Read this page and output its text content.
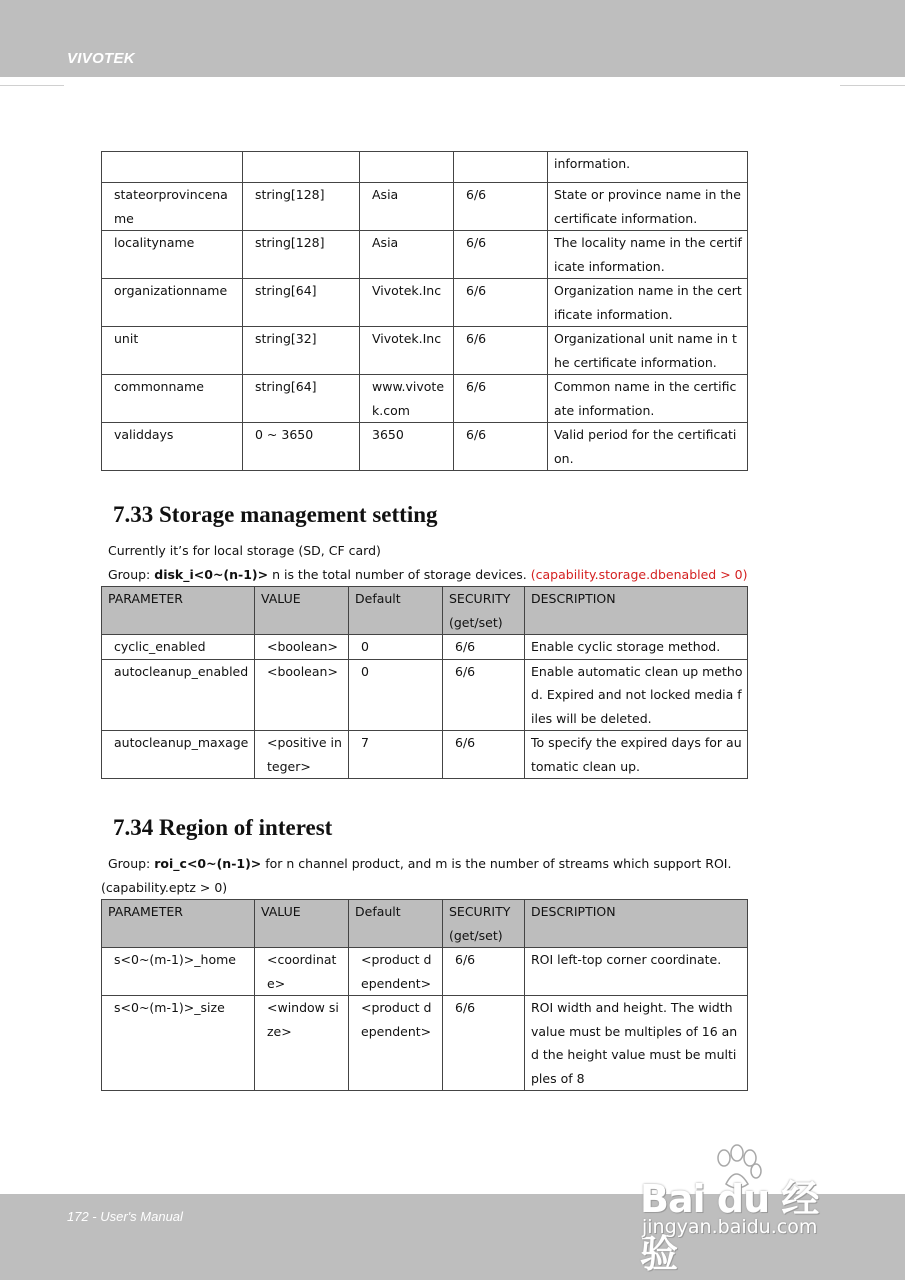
VIVOTEK
				information.
stateorprovincename	string[128]	Asia	6/6	State or province name in the certificate information.
localityname	string[128]	Asia	6/6	The locality name in the certificate information.
organizationname	string[64]	Vivotek.Inc	6/6	Organization name in the certificate information.
unit	string[32]	Vivotek.Inc	6/6	Organizational unit name in the certificate information.
commonname	string[64]	www.vivotek.com	6/6	Common name in the certificate information.
validdays	0 ~ 3650	3650	6/6	Valid period for the certification.
7.33 Storage management setting
Currently it’s for local storage (SD, CF card)
Group: disk_i<0~(n-1)> n is the total number of storage devices. (capability.storage.dbenabled > 0)
PARAMETER	VALUE	Default	SECURITY (get/set)	DESCRIPTION
cyclic_enabled	<boolean>	0	6/6	Enable cyclic storage method.
autocleanup_enabled	<boolean>	0	6/6	Enable automatic clean up method. Expired and not locked media files will be deleted.
autocleanup_maxage	<positive integer>	7	6/6	To specify the expired days for automatic clean up.
7.34 Region of interest
Group: roi_c<0~(n-1)> for n channel product, and m is the number of streams which support ROI.
(capability.eptz > 0)
PARAMETER	VALUE	Default	SECURITY (get/set)	DESCRIPTION
s<0~(m-1)>_home	<coordinate>	<product dependent>	6/6	ROI left-top corner coordinate.
s<0~(m-1)>_size	<window size>	<product dependent>	6/6	ROI width and height. The width value must be multiples of 16 and the height value must be multiples of 8
172 - User's Manual	Bai du 经验
jingyan.baidu.com
